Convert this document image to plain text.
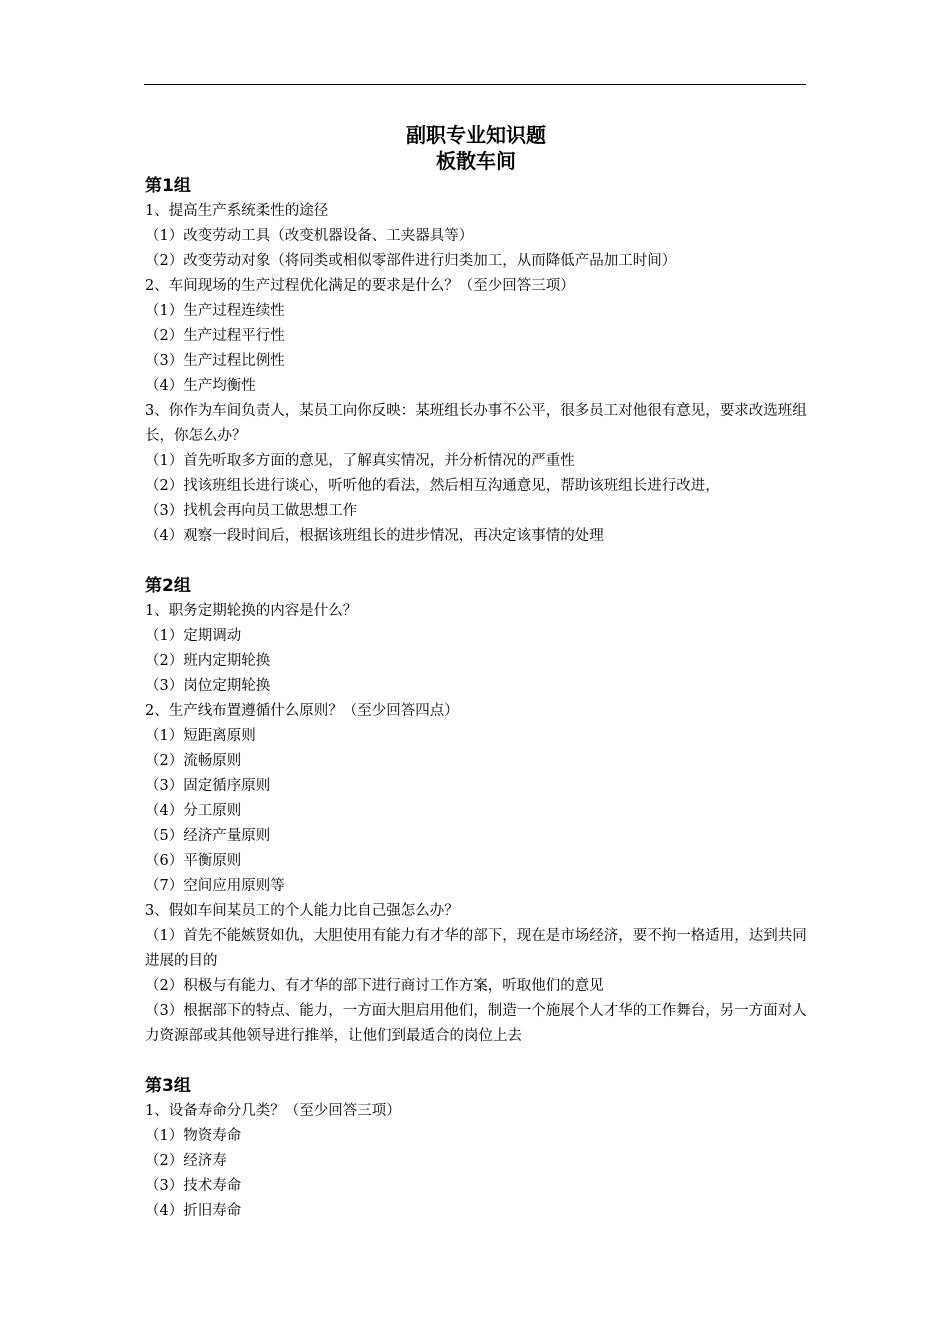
副职专业知识题

板散车间

第1组

1、提高生产系统柔性的途径

（1）改变劳动工具（改变机器设备、工夹器具等）

（2）改变劳动对象（将同类或相似零部件进行归类加工，从而降低产品加工时间）

2、车间现场的生产过程优化满足的要求是什么？（至少回答三项）

（1）生产过程连续性

（2）生产过程平行性

（3）生产过程比例性

（4）生产均衡性

3、你作为车间负责人，某员工向你反映：某班组长办事不公平，很多员工对他很有意见，要求改选班组长，你怎么办？

（1）首先听取多方面的意见，了解真实情况，并分析情况的严重性

（2）找该班组长进行谈心，听听他的看法，然后相互沟通意见，帮助该班组长进行改进，

（3）找机会再向员工做思想工作

（4）观察一段时间后，根据该班组长的进步情况，再决定该事情的处理

第2组

1、职务定期轮换的内容是什么？

（1）定期调动

（2）班内定期轮换

（3）岗位定期轮换

2、生产线布置遵循什么原则？（至少回答四点）

（1）短距离原则

（2）流畅原则

（3）固定循序原则

（4）分工原则

（5）经济产量原则

（6）平衡原则

（7）空间应用原则等

3、假如车间某员工的个人能力比自己强怎么办？

（1）首先不能嫉贤如仇，大胆使用有能力有才华的部下，现在是市场经济，要不拘一格适用，达到共同进展的目的

（2）积极与有能力、有才华的部下进行商讨工作方案，听取他们的意见

（3）根据部下的特点、能力，一方面大胆启用他们，制造一个施展个人才华的工作舞台，另一方面对人力资源部或其他领导进行推举，让他们到最适合的岗位上去

第3组

1、设备寿命分几类？（至少回答三项）

（1）物资寿命

（2）经济寿

（3）技术寿命

（4）折旧寿命
